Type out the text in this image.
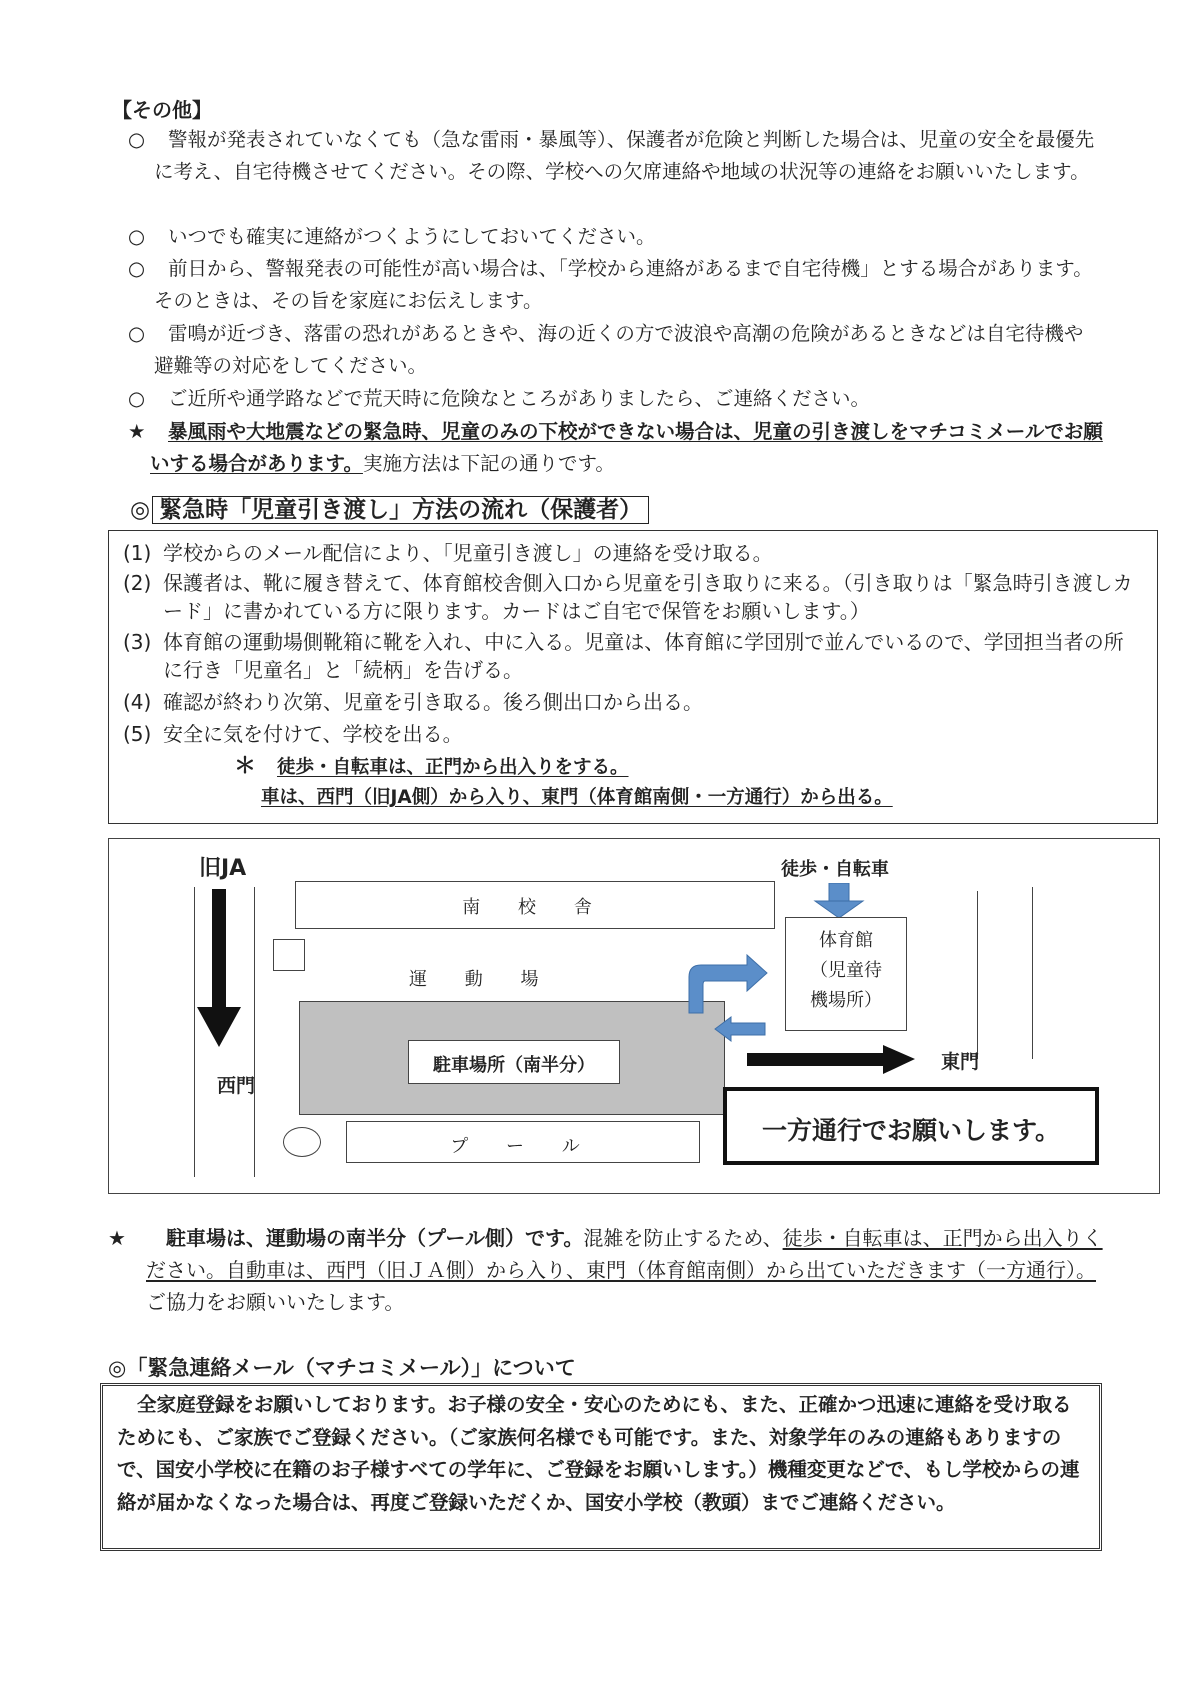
【その他】
○	警報が発表されていなくても（急な雷雨・暴風等）、保護者が危険と判断した場合は、児童の安全を最優先に考え、自宅待機させてください。その際、学校への欠席連絡や地域の状況等の連絡をお願いいたします。
○	いつでも確実に連絡がつくようにしておいてください。
○	前日から、警報発表の可能性が高い場合は、「学校から連絡があるまで自宅待機」とする場合があります。そのときは、その旨を家庭にお伝えします。
○	雷鳴が近づき、落雷の恐れがあるときや、海の近くの方で波浪や高潮の危険があるときなどは自宅待機や避難等の対応をしてください。
○	ご近所や通学路などで荒天時に危険なところがありましたら、ご連絡ください。
★	暴風雨や大地震などの緊急時、児童のみの下校ができない場合は、児童の引き渡しをマチコミメールでお願いする場合があります。実施方法は下記の通りです。
◎ 緊急時「児童引き渡し」方法の流れ（保護者）
(1) 学校からのメール配信により、「児童引き渡し」の連絡を受け取る。
(2) 保護者は、靴に履き替えて、体育館校舎側入口から児童を引き取りに来る。（引き取りは「緊急時引き渡しカード」に書かれている方に限ります。カードはご自宅で保管をお願いします。）
(3) 体育館の運動場側靴箱に靴を入れ、中に入る。児童は、体育館に学団別で並んでいるので、学団担当者の所に行き「児童名」と「続柄」を告げる。
(4) 確認が終わり次第、児童を引き取る。後ろ側出口から出る。
(5) 安全に気を付けて、学校を出る。
＊ 徒歩・自転車は、正門から出入りをする。
車は、西門（旧JA側）から入り、東門（体育館南側・一方通行）から出る。
旧JA
西門
南 校 舎
運 動 場
駐車場所（南半分）
プ ー ル
徒歩・自転車
体育館
（児童待
機場所）
東門
一方通行でお願いします。
★	駐車場は、運動場の南半分（プール側）です。混雑を防止するため、徒歩・自転車は、正門から出入りください。自動車は、西門（旧ＪＡ側）から入り、東門（体育館南側）から出ていただきます（一方通行）。ご協力をお願いいたします。
◎「緊急連絡メール（マチコミメール）」について
全家庭登録をお願いしております。お子様の安全・安心のためにも、また、正確かつ迅速に連絡を受け取るためにも、ご家族でご登録ください。（ご家族何名様でも可能です。また、対象学年のみの連絡もありますので、国安小学校に在籍のお子様すべての学年に、ご登録をお願いします。）機種変更などで、もし学校からの連絡が届かなくなった場合は、再度ご登録いただくか、国安小学校（教頭）までご連絡ください。
